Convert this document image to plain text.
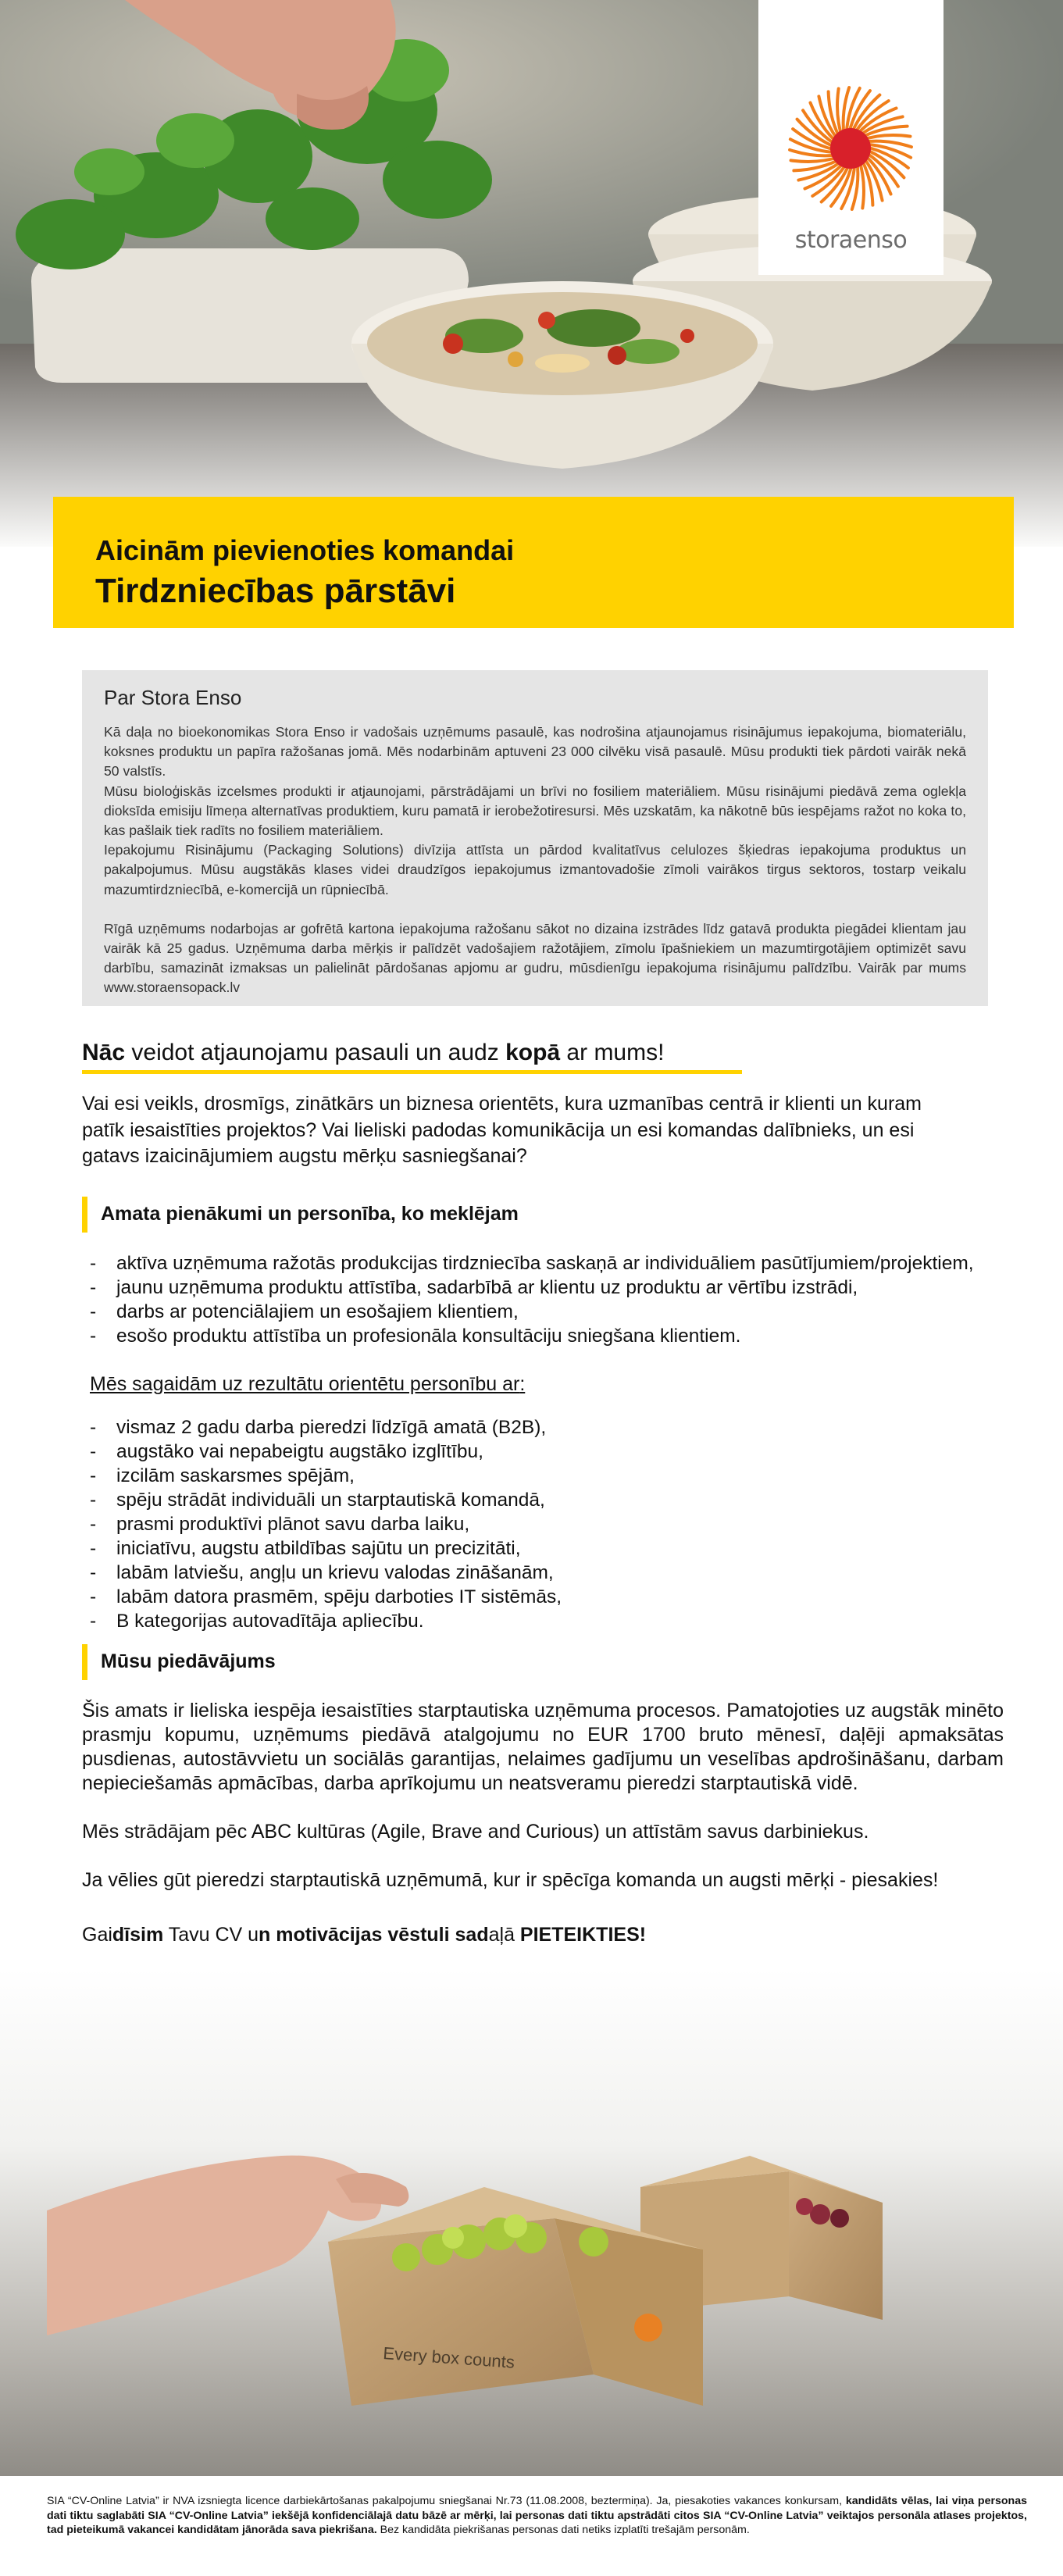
storaenso
Aicinām pievienoties komandai
Tirdzniecības pārstāvi
Par Stora Enso

Kā daļa no bioekonomikas Stora Enso ir vadošais uzņēmums pasaulē, kas nodrošina atjaunojamus risinājumus iepakojuma, biomateriālu, koksnes produktu un papīra ražošanas jomā. Mēs nodarbinām aptuveni 23 000 cilvēku visā pasaulē. Mūsu produkti tiek pārdoti vairāk nekā 50 valstīs.

Mūsu bioloģiskās izcelsmes produkti ir atjaunojami, pārstrādājami un brīvi no fosiliem materiāliem. Mūsu risinājumi piedāvā zema oglekļa dioksīda emisiju līmeņa alternatīvas produktiem, kuru pamatā ir ierobežotiresursi. Mēs uzskatām, ka nākotnē būs iespējams ražot no koka to, kas pašlaik tiek radīts no fosiliem materiāliem.

Iepakojumu Risinājumu (Packaging Solutions) divīzija attīsta un pārdod kvalitatīvus celulozes šķiedras iepakojuma produktus un pakalpojumus. Mūsu augstākās klases videi draudzīgos iepakojumus izmantovadošie zīmoli vairākos tirgus sektoros, tostarp veikalu mazumtirdzniecībā, e-komercijā un rūpniecībā.

Rīgā uzņēmums nodarbojas ar gofrētā kartona iepakojuma ražošanu sākot no dizaina izstrādes līdz gatavā produkta piegādei klientam jau vairāk kā 25 gadus. Uzņēmuma darba mērķis ir palīdzēt vadošajiem ražotājiem, zīmolu īpašniekiem un mazumtirgotājiem optimizēt savu darbību, samazināt izmaksas un palielināt pārdošanas apjomu ar gudru, mūsdienīgu iepakojuma risinājumu palīdzību. Vairāk par mums www.storaensopack.lv

Nāc veidot atjaunojamu pasauli un audz kopā ar mums!

Vai esi veikls, drosmīgs, zinātkārs un biznesa orientēts, kura uzmanības centrā ir klienti un kuram patīk iesaistīties projektos? Vai lieliski padodas komunikācija un esi komandas dalībnieks, un esi gatavs izaicinājumiem augstu mērķu sasniegšanai?

Amata pienākumi un personība, ko meklējam
- aktīva uzņēmuma ražotās produkcijas tirdzniecība saskaņā ar individuāliem pasūtījumiem/projektiem,
- jaunu uzņēmuma produktu attīstība, sadarbībā ar klientu uz produktu ar vērtību izstrādi,
- darbs ar potenciālajiem un esošajiem klientiem,
- esošo produktu attīstība un profesionāla konsultāciju sniegšana klientiem.
Mēs sagaidām uz rezultātu orientētu personību ar:
- vismaz 2 gadu darba pieredzi līdzīgā amatā (B2B),
- augstāko vai nepabeigtu augstāko izglītību,
- izcilām saskarsmes spējām,
- spēju strādāt individuāli un starptautiskā komandā,
- prasmi produktīvi plānot savu darba laiku,
- iniciatīvu, augstu atbildības sajūtu un precizitāti,
- labām latviešu, angļu un krievu valodas zināšanām,
- labām datora prasmēm, spēju darboties IT sistēmās,
- B kategorijas autovadītāja apliecību.
Mūsu piedāvājums

Šis amats ir lieliska iespēja iesaistīties starptautiska uzņēmuma procesos. Pamatojoties uz augstāk minēto prasmju kopumu, uzņēmums piedāvā atalgojumu no EUR 1700 bruto mēnesī, daļēji apmaksātas pusdienas, autostāvvietu un sociālās garantijas, nelaimes gadījumu un veselības apdrošināšanu, darbam nepieciešamās apmācības, darba aprīkojumu un neatsveramu pieredzi starptautiskā vidē.

Mēs strādājam pēc ABC kultūras (Agile, Brave and Curious) un attīstām savus darbiniekus.

Ja vēlies gūt pieredzi starptautiskā uzņēmumā, kur ir spēcīga komanda un augsti mērķi - piesakies!

Gaidīsim Tavu CV un motivācijas vēstuli sadaļā PIETEIKTIES!

Every box counts
SIA “CV-Online Latvia” ir NVA izsniegta licence darbiekārtošanas pakalpojumu sniegšanai Nr.73 (11.08.2008, beztermiņa). Ja, piesakoties vakances konkursam, kandidāts vēlas, lai viņa personas dati tiktu saglabāti SIA “CV-Online Latvia” iekšējā konfidenciālajā datu bāzē ar mērķi, lai personas dati tiktu apstrādāti citos SIA “CV-Online Latvia” veiktajos personāla atlases projektos, tad pieteikumā vakancei kandidātam jānorāda sava piekrišana. Bez kandidāta piekrišanas personas dati netiks izplatīti trešajām personām.
